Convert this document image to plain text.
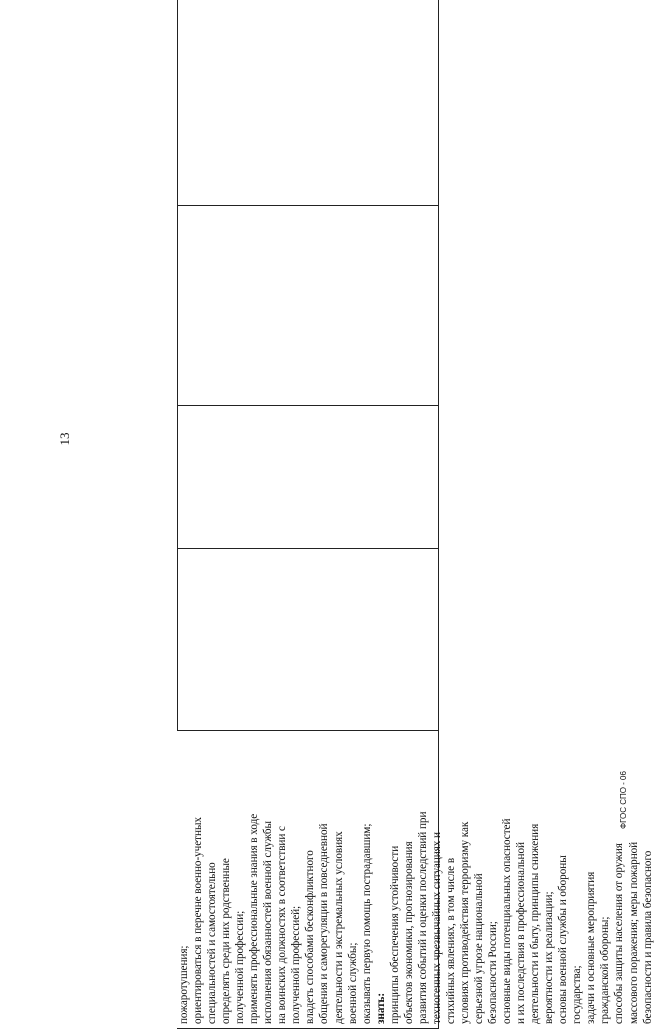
13
пожаротушения; ориентироваться в перечне военно-учетных специальностей и самостоятельно определять среди них родственные полученной профессии; применять профессиональные знания в ходе исполнения обязанностей военной службы на воинских должностях в соответствии с полученной профессией; владеть способами бесконфликтного общения и саморегуляции в повседневной деятельности и экстремальных условиях военной службы; оказывать первую помощь пострадавшим; знать: принципы обеспечения устойчивости объектов экономики, прогнозирования развития событий и оценки последствий при техногенных чрезвычайных ситуациях и стихийных явлениях, в том числе в условиях противодействия терроризму как серьезной угрозе национальной безопасности России; основные виды потенциальных опасностей и их последствия в профессиональной деятельности и быту, принципы снижения вероятности их реализации; основы военной службы и обороны государства; задачи и основные мероприятия гражданской обороны; способы защиты населения от оружия массового поражения; меры пожарной безопасности и правила безопасного
ФГОС СПО - 06
